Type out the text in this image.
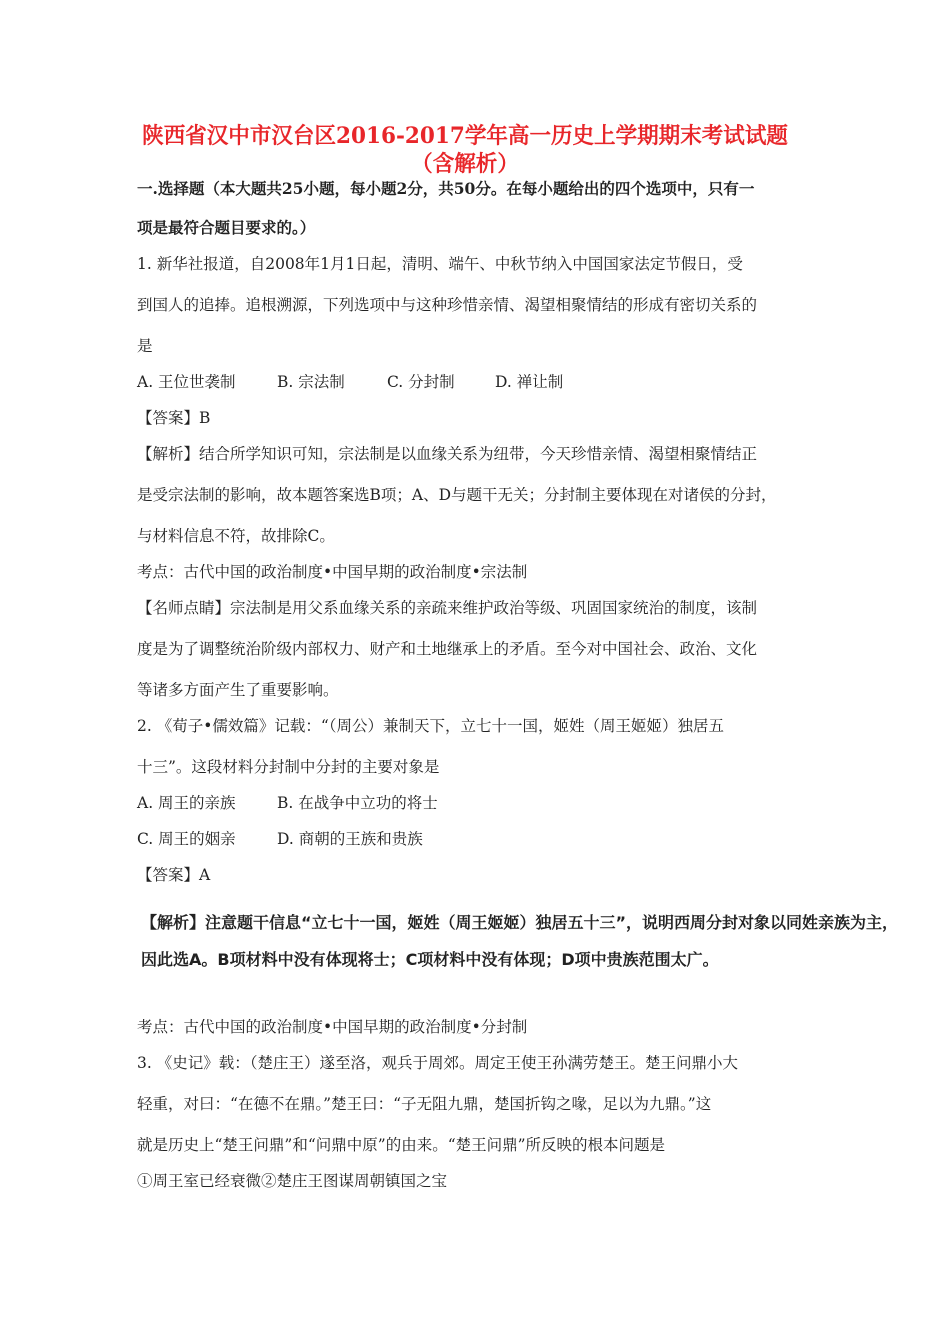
陕西省汉中市汉台区2016-2017学年高一历史上学期期末考试试题
（含解析）
一.选择题（本大题共25小题，每小题2分，共50分。在每小题给出的四个选项中，只有一
项是最符合题目要求的。）
1. 新华社报道，自2008年1月1日起，清明、端午、中秋节纳入中国国家法定节假日，受
到国人的追捧。追根溯源，下列选项中与这种珍惜亲情、渴望相聚情结的形成有密切关系的
是
A. 王位世袭制	B. 宗法制	C. 分封制	D. 禅让制
【答案】B
【解析】结合所学知识可知，宗法制是以血缘关系为纽带，今天珍惜亲情、渴望相聚情结正
是受宗法制的影响，故本题答案选B项；A、D与题干无关；分封制主要体现在对诸侯的分封，
与材料信息不符，故排除C。
考点：古代中国的政治制度•中国早期的政治制度•宗法制
【名师点睛】宗法制是用父系血缘关系的亲疏来维护政治等级、巩固国家统治的制度，该制
度是为了调整统治阶级内部权力、财产和土地继承上的矛盾。至今对中国社会、政治、文化
等诸多方面产生了重要影响。
2. 《荀子•儒效篇》记载：“（周公）兼制天下，立七十一国，姬姓（周王姬姬）独居五
十三”。这段材料分封制中分封的主要对象是
A. 周王的亲族	B. 在战争中立功的将士
C. 周王的姻亲	D. 商朝的王族和贵族
【答案】A
【解析】注意题干信息“立七十一国，姬姓（周王姬姬）独居五十三”，说明西周分封对象以同姓亲族为主，
因此选A。B项材料中没有体现将士；C项材料中没有体现；D项中贵族范围太广。
考点：古代中国的政治制度•中国早期的政治制度•分封制
3. 《史记》载：（楚庄王）遂至洛，观兵于周郊。周定王使王孙满劳楚王。楚王问鼎小大
轻重，对曰：“在德不在鼎。”楚王曰：“子无阻九鼎，楚国折钩之喙，足以为九鼎。”这
就是历史上“楚王问鼎”和“问鼎中原”的由来。“楚王问鼎”所反映的根本问题是
①周王室已经衰微②楚庄王图谋周朝镇国之宝
